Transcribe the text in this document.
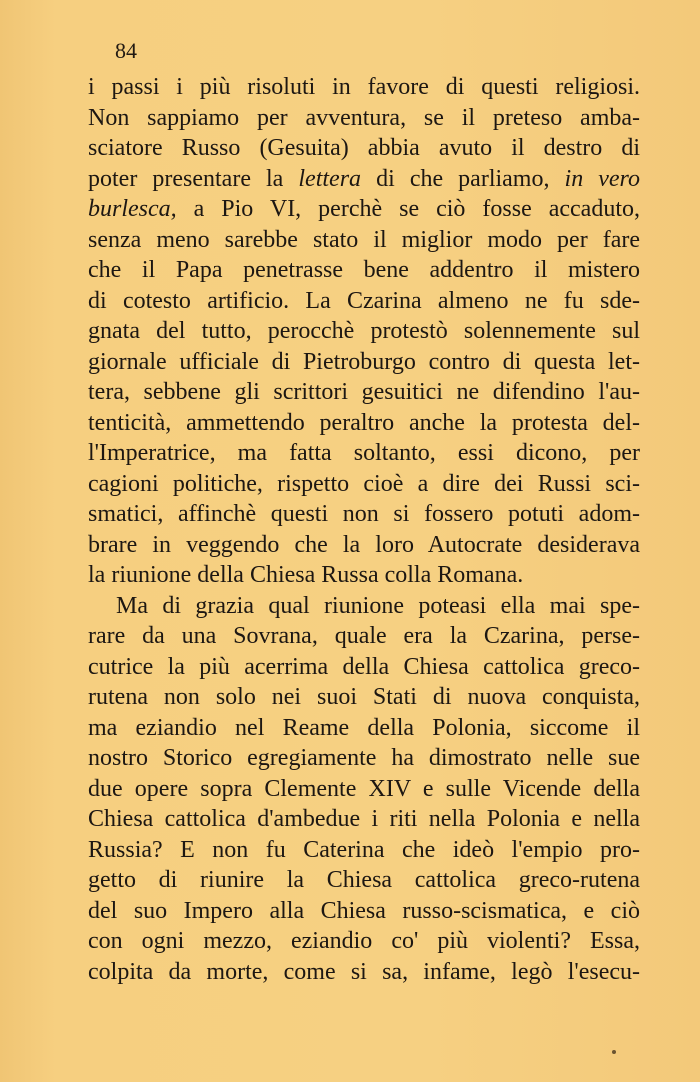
84
i passi i più risoluti in favore di questi religiosi.
Non sappiamo per avventura, se il preteso amba-
sciatore Russo (Gesuita) abbia avuto il destro di
poter presentare la lettera di che parliamo, in vero
burlesca, a Pio VI, perchè se ciò fosse accaduto,
senza meno sarebbe stato il miglior modo per fare
che il Papa penetrasse bene addentro il mistero
di cotesto artificio. La Czarina almeno ne fu sde-
gnata del tutto, perocchè protestò solennemente sul
giornale ufficiale di Pietroburgo contro di questa let-
tera, sebbene gli scrittori gesuitici ne difendino l'au-
tenticità, ammettendo peraltro anche la protesta del-
l'Imperatrice, ma fatta soltanto, essi dicono, per
cagioni politiche, rispetto cioè a dire dei Russi sci-
smatici, affinchè questi non si fossero potuti adom-
brare in veggendo che la loro Autocrate desiderava
la riunione della Chiesa Russa colla Romana.
Ma di grazia qual riunione poteasi ella mai spe-
rare da una Sovrana, quale era la Czarina, perse-
cutrice la più acerrima della Chiesa cattolica greco-
rutena non solo nei suoi Stati di nuova conquista,
ma eziandio nel Reame della Polonia, siccome il
nostro Storico egregiamente ha dimostrato nelle sue
due opere sopra Clemente XIV e sulle Vicende della
Chiesa cattolica d'ambedue i riti nella Polonia e nella
Russia? E non fu Caterina che ideò l'empio pro-
getto di riunire la Chiesa cattolica greco-rutena
del suo Impero alla Chiesa russo-scismatica, e ciò
con ogni mezzo, eziandio co' più violenti? Essa,
colpita da morte, come si sa, infame, legò l'esecu-
